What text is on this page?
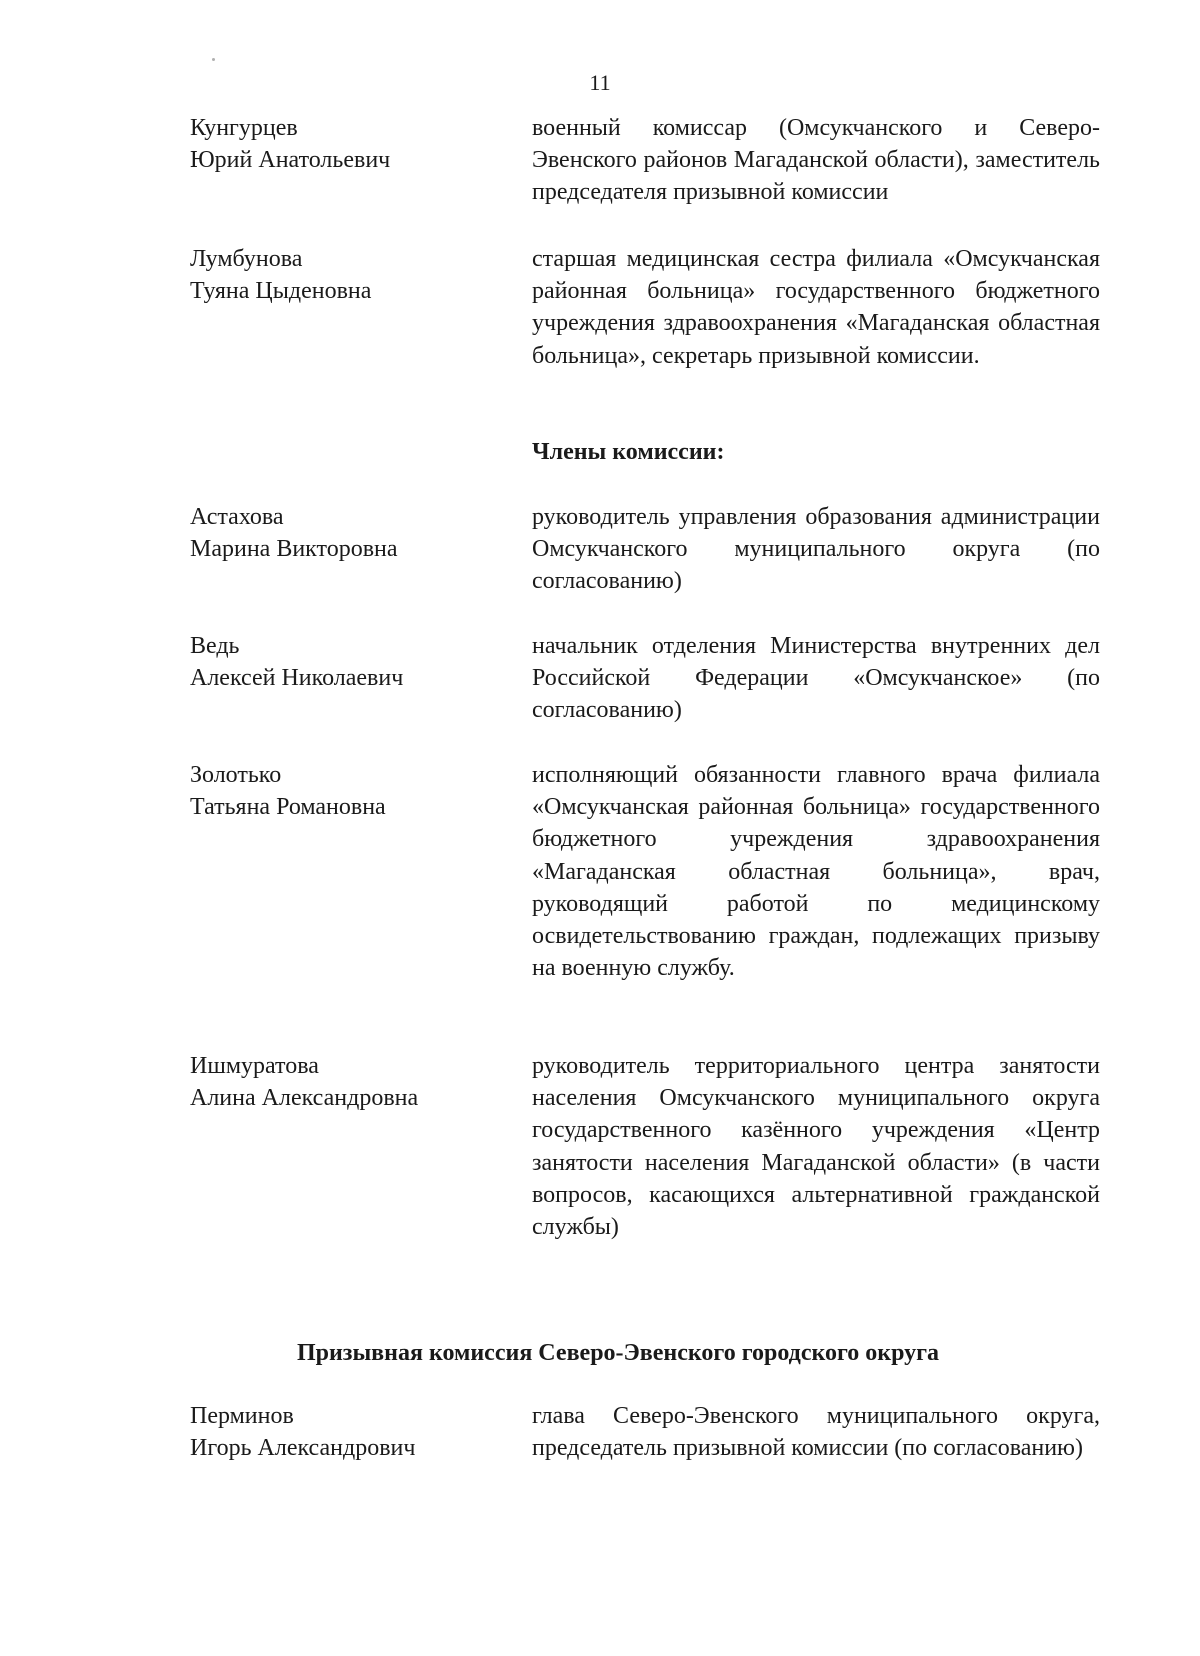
11
Кунгурцев
Юрий Анатольевич
военный комиссар (Омсукчанского и Северо-Эвенского районов Магаданской области), заместитель председателя призывной комиссии
Лумбунова
Туяна Цыденовна
старшая медицинская сестра филиала «Омсукчанская районная больница» государственного бюджетного учреждения здравоохранения «Магаданская областная больница», секретарь призывной комиссии.
Члены комиссии:
Астахова
Марина Викторовна
руководитель управления образования администрации Омсукчанского муниципального округа (по согласованию)
Ведь
Алексей Николаевич
начальник отделения Министерства внутренних дел Российской Федерации «Омсукчанское» (по согласованию)
Золотько
Татьяна Романовна
исполняющий обязанности главного врача филиала «Омсукчанская районная больница» государственного бюджетного учреждения здравоохранения «Магаданская областная больница», врач, руководящий работой по медицинскому освидетельствованию граждан, подлежащих призыву на военную службу.
Ишмуратова
Алина Александровна
руководитель территориального центра занятости населения Омсукчанского муниципального округа государственного казённого учреждения «Центр занятости населения Магаданской области» (в части вопросов, касающихся альтернативной гражданской службы)
Призывная комиссия Северо-Эвенского городского округа
Перминов
Игорь Александрович
глава Северо-Эвенского муниципального округа, председатель призывной комиссии (по согласованию)
